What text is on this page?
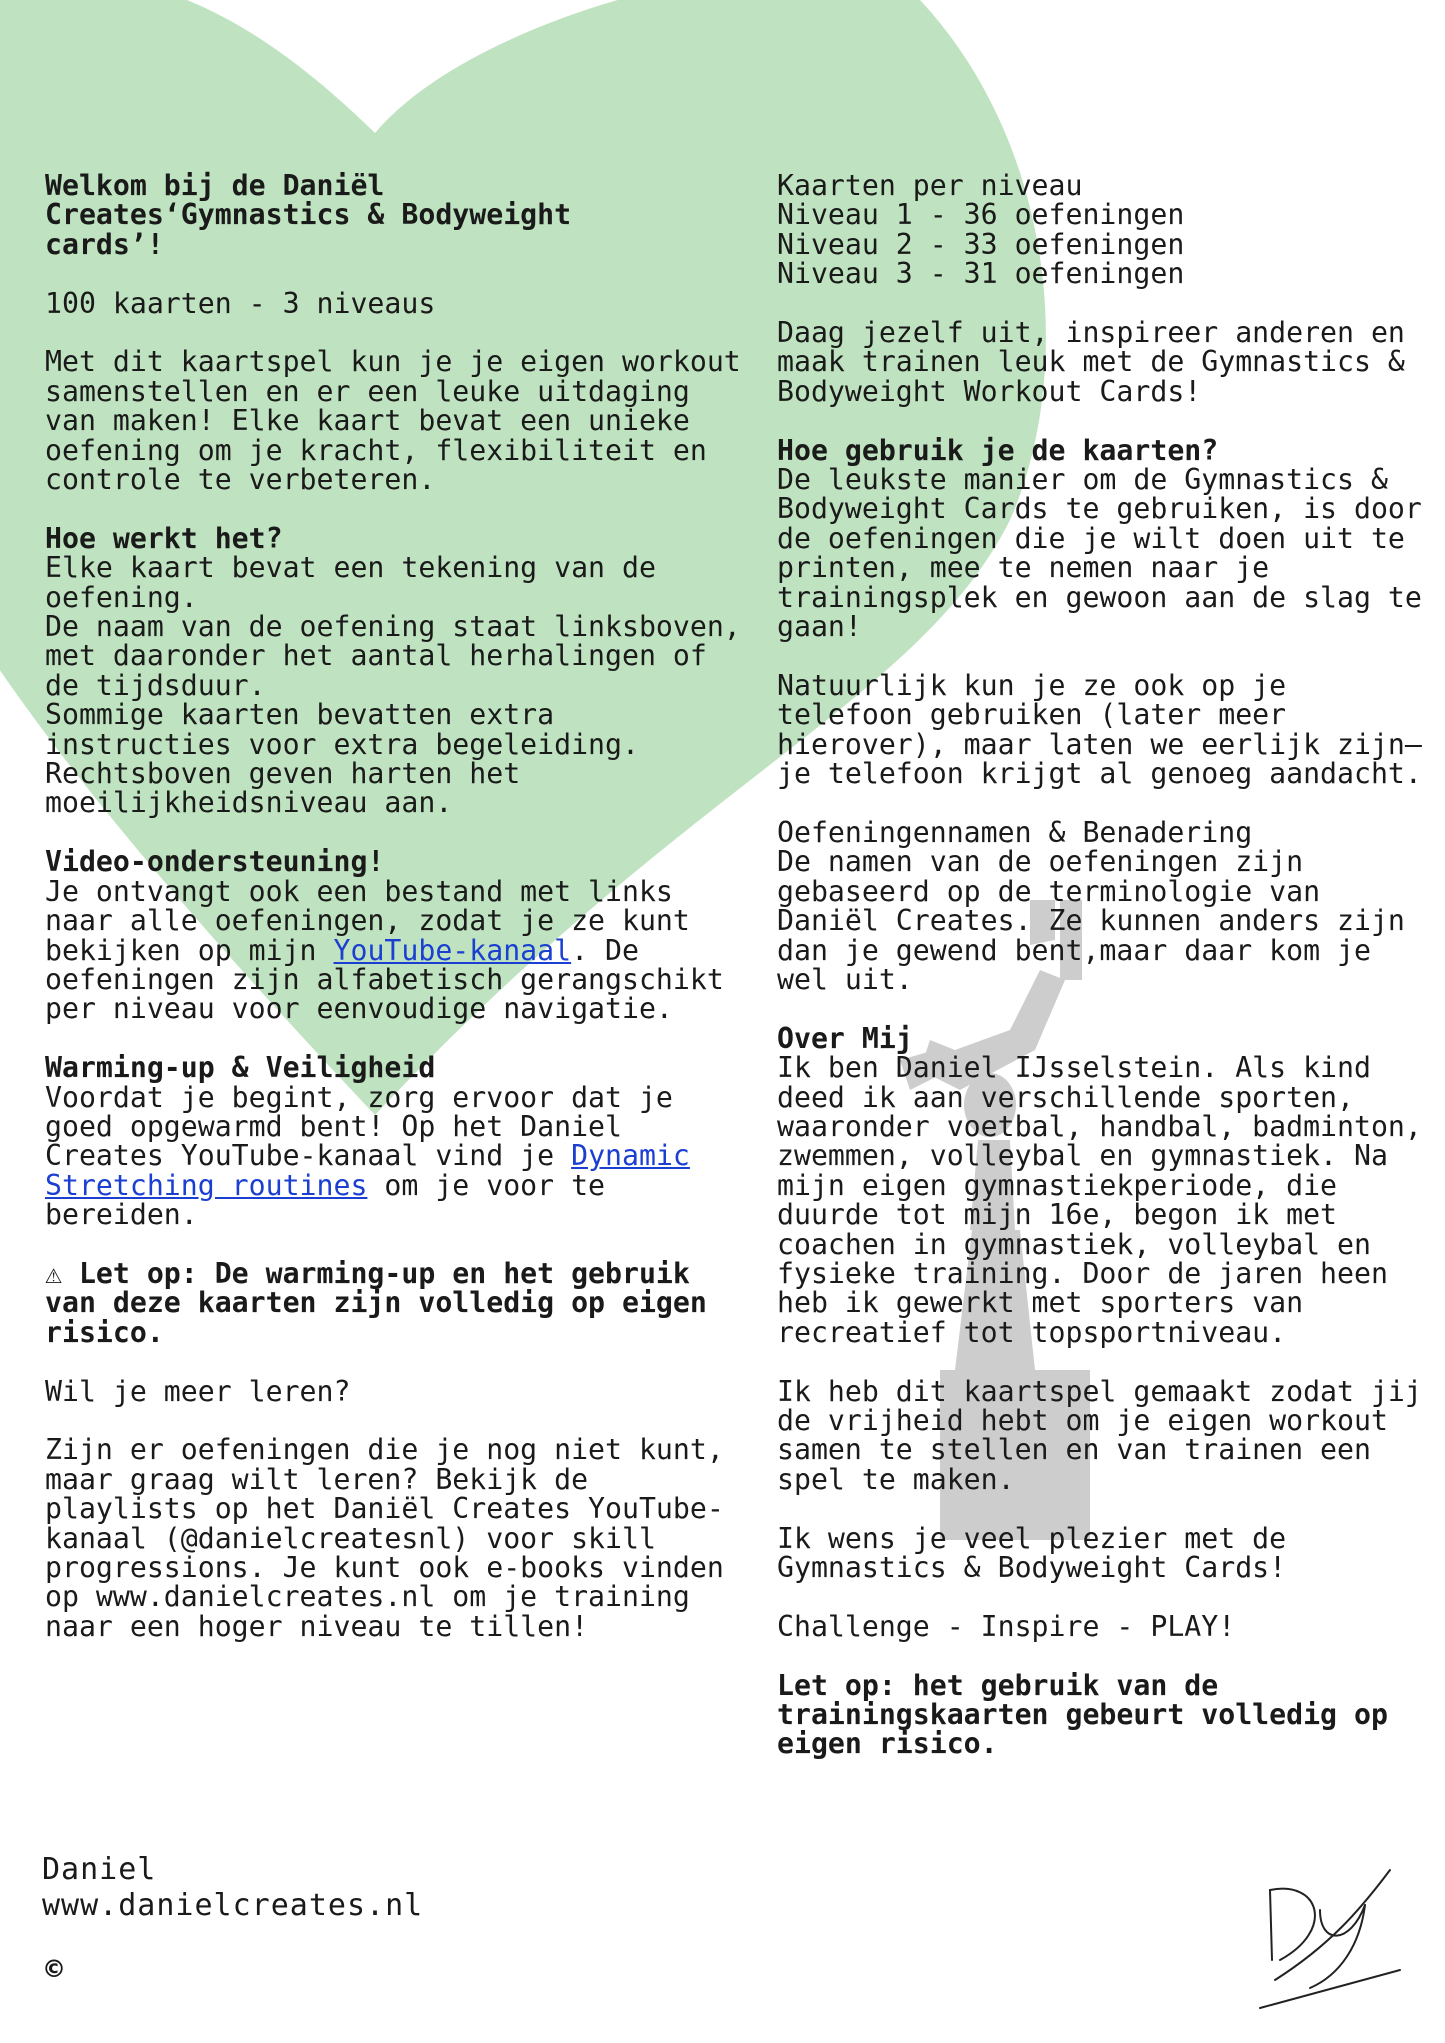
Welkom bij de Daniël
Creates‘Gymnastics & Bodyweight
cards’!

100 kaarten - 3 niveaus

Met dit kaartspel kun je je eigen workout samenstellen en er een leuke uitdaging van maken! Elke kaart bevat een unieke oefening om je kracht, flexibiliteit en controle te verbeteren.

Hoe werkt het?
Elke kaart bevat een tekening van de oefening.
De naam van de oefening staat linksboven, met daaronder het aantal herhalingen of de tijdsduur.
Sommige kaarten bevatten extra instructies voor extra begeleiding.
Rechtsboven geven harten het moeilijkheidsniveau aan.

Video-ondersteuning!
Je ontvangt ook een bestand met links naar alle oefeningen, zodat je ze kunt bekijken op mijn YouTube-kanaal. De oefeningen zijn alfabetisch gerangschikt per niveau voor eenvoudige navigatie.

Warming-up & Veiligheid
Voordat je begint, zorg ervoor dat je goed opgewarmd bent! Op het Daniel Creates YouTube-kanaal vind je Dynamic Stretching routines om je voor te bereiden.

⚠ Let op: De warming-up en het gebruik van deze kaarten zijn volledig op eigen risico.

Wil je meer leren?

Zijn er oefeningen die je nog niet kunt, maar graag wilt leren? Bekijk de playlists op het Daniël Creates YouTube-kanaal (@danielcreatesnl) voor skill progressions. Je kunt ook e-books vinden op www.danielcreates.nl om je training naar een hoger niveau te tillen!

Kaarten per niveau
Niveau 1 - 36 oefeningen
Niveau 2 - 33 oefeningen
Niveau 3 - 31 oefeningen

Daag jezelf uit, inspireer anderen en maak trainen leuk met de Gymnastics & Bodyweight Workout Cards!

Hoe gebruik je de kaarten?
De leukste manier om de Gymnastics & Bodyweight Cards te gebruiken, is door de oefeningen die je wilt doen uit te printen, mee te nemen naar je trainingsplek en gewoon aan de slag te gaan!

Natuurlijk kun je ze ook op je telefoon gebruiken (later meer hierover), maar laten we eerlijk zijn—je telefoon krijgt al genoeg aandacht.

Oefeningennamen & Benadering
De namen van de oefeningen zijn gebaseerd op de terminologie van Daniël Creates. Ze kunnen anders zijn dan je gewend bent,maar daar kom je wel uit.

Over Mij
Ik ben Daniel IJsselstein. Als kind deed ik aan verschillende sporten, waaronder voetbal, handbal, badminton, zwemmen, volleybal en gymnastiek. Na mijn eigen gymnastiekperiode, die duurde tot mijn 16e, begon ik met coachen in gymnastiek, volleybal en fysieke training. Door de jaren heen heb ik gewerkt met sporters van recreatief tot topsportniveau.

Ik heb dit kaartspel gemaakt zodat jij de vrijheid hebt om je eigen workout samen te stellen en van trainen een spel te maken.

Ik wens je veel plezier met de Gymnastics & Bodyweight Cards!

Challenge - Inspire - PLAY!

Let op: het gebruik van de trainingskaarten gebeurt volledig op eigen risico.

Daniel
www.danielcreates.nl
©
